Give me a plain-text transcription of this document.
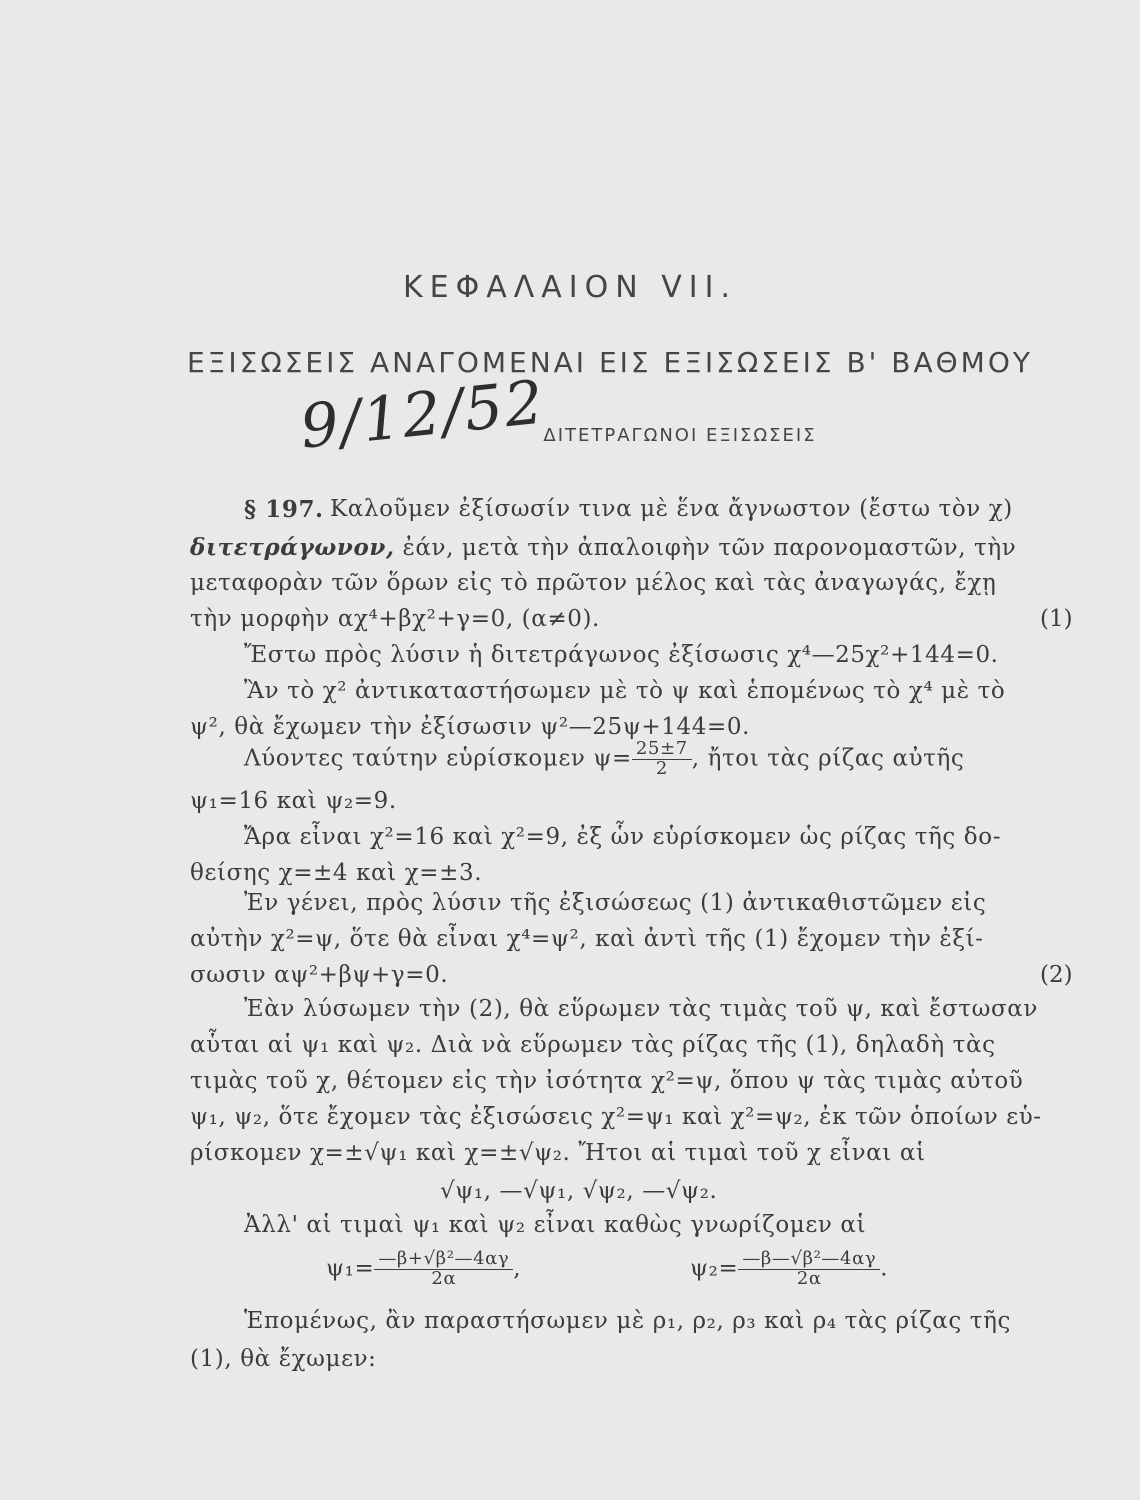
ΚΕΦΑΛΑΙΟΝ VII.
ΕΞΙΣΩΣΕΙΣ ΑΝΑΓΟΜΕΝΑΙ ΕΙΣ ΕΞΙΣΩΣΕΙΣ Β' ΒΑΘΜΟΥ
ΔΙΤΕΤΡΑΓΩΝΟΙ ΕΞΙΣΩΣΕΙΣ
9/12/52
§ 197. Καλοῦμεν ἐξίσωσίν τινα μὲ ἕνα ἄγνωστον (ἔστω τὸν χ)
διτετράγωνον, ἐάν, μετὰ τὴν ἀπαλοιφὴν τῶν παρονομαστῶν, τὴν
μεταφορὰν τῶν ὅρων εἰς τὸ πρῶτον μέλος καὶ τὰς ἀναγωγάς, ἔχῃ
τὴν μορφὴν αχ⁴+βχ²+γ=0, (α≠0).	(1)
Ἔστω πρὸς λύσιν ἡ διτετράγωνος ἐξίσωσις χ⁴—25χ²+144=0.
Ἂν τὸ χ² ἀντικαταστήσωμεν μὲ τὸ ψ καὶ ἑπομένως τὸ χ⁴ μὲ τὸ
ψ², θὰ ἔχωμεν τὴν ἐξίσωσιν ψ²—25ψ+144=0.
Λύοντες ταύτην εὑρίσκομεν $\psi= \frac{25\pm 7}{2}$ , ἤτοι τὰς ρίζας αὐτῆς
ψ₁=16 καὶ ψ₂=9.
Ἄρα εἶναι χ²=16 καὶ χ²=9, ἐξ ὧν εὑρίσκομεν ὡς ρίζας τῆς δο-
θείσης χ=±4 καὶ χ=±3.
Ἐν γένει, πρὸς λύσιν τῆς ἐξισώσεως (1) ἀντικαθιστῶμεν εἰς
αὐτὴν χ²=ψ, ὅτε θὰ εἶναι χ⁴=ψ², καὶ ἀντὶ τῆς (1) ἔχομεν τὴν ἐξί-
σωσιν αψ²+βψ+γ=0.	(2)
Ἐὰν λύσωμεν τὴν (2), θὰ εὕρωμεν τὰς τιμὰς τοῦ ψ, καὶ ἔστωσαν
αὗται αἱ ψ₁ καὶ ψ₂. Διὰ νὰ εὕρωμεν τὰς ρίζας τῆς (1), δηλαδὴ τὰς
τιμὰς τοῦ χ, θέτομεν εἰς τὴν ἰσότητα χ²=ψ, ὅπου ψ τὰς τιμὰς αὐτοῦ
ψ₁, ψ₂, ὅτε ἔχομεν τὰς ἐξισώσεις χ²=ψ₁ καὶ χ²=ψ₂, ἐκ τῶν ὁποίων εὑ-
ρίσκομεν χ=±√ψ₁ καὶ χ=±√ψ₂. Ἤτοι αἱ τιμαὶ τοῦ χ εἶναι αἱ
√ψ₁, —√ψ₁, √ψ₂, —√ψ₂.
Ἀλλ' αἱ τιμαὶ ψ₁ καὶ ψ₂ εἶναι καθὼς γνωρίζομεν αἱ
$\psi_1= \frac{\text{—β+√β²—4αγ}}{2\alpha}$ ,	$\psi_2= \frac{\text{—β—√β²—4αγ}}{2\alpha}$ .
Ἑπομένως, ἂν παραστήσωμεν μὲ ρ₁, ρ₂, ρ₃ καὶ ρ₄ τὰς ρίζας τῆς
(1), θὰ ἔχωμεν:
